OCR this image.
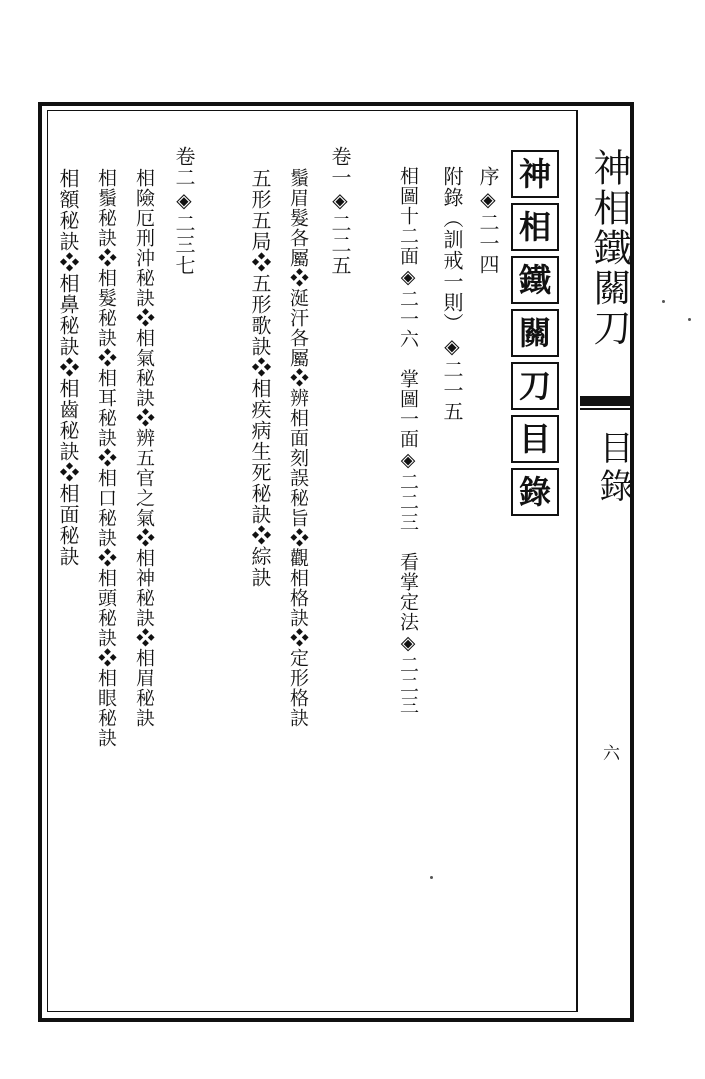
神相鐵關刀
目錄
六
神
相
鐵
關
刀
目
錄
序◈二一四
附錄（訓戒一則）◈二一五
相圖十二面◈二一六　掌圖一面◈二二三　看掌定法◈二二三
卷一◈二二五
鬚眉髮各屬❖涎汗各屬❖辨相面刻誤秘旨❖觀相格訣❖定形格訣
五形五局❖五形歌訣❖相疾病生死秘訣❖綜訣
卷二◈二三七
相險厄刑沖秘訣❖相氣秘訣❖辨五官之氣❖相神秘訣❖相眉秘訣
相鬚秘訣❖相髮秘訣❖相耳秘訣❖相口秘訣❖相頭秘訣❖相眼秘訣
相額秘訣❖相鼻秘訣❖相齒秘訣❖相面秘訣
